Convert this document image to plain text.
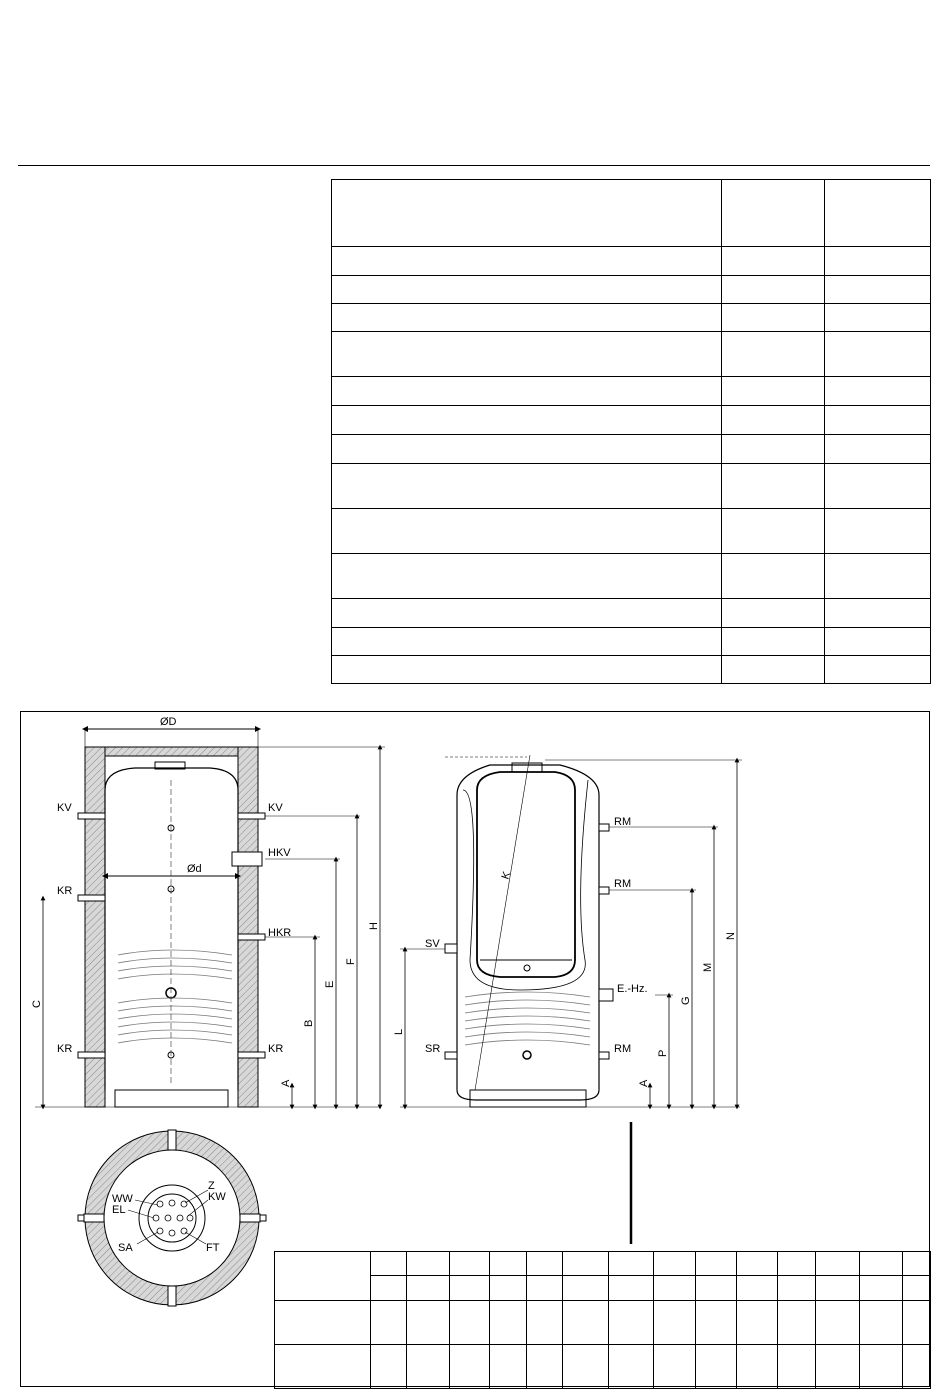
ØD
Ød
KV	KV
HKV
KR
HKR
KR	KR
C
A
B
E
F
H
K
SV
SR
RM
RM
E.-Hz.
RM
L
A
P
G
M
N
WW
EL
SA
Z
KW
FT
